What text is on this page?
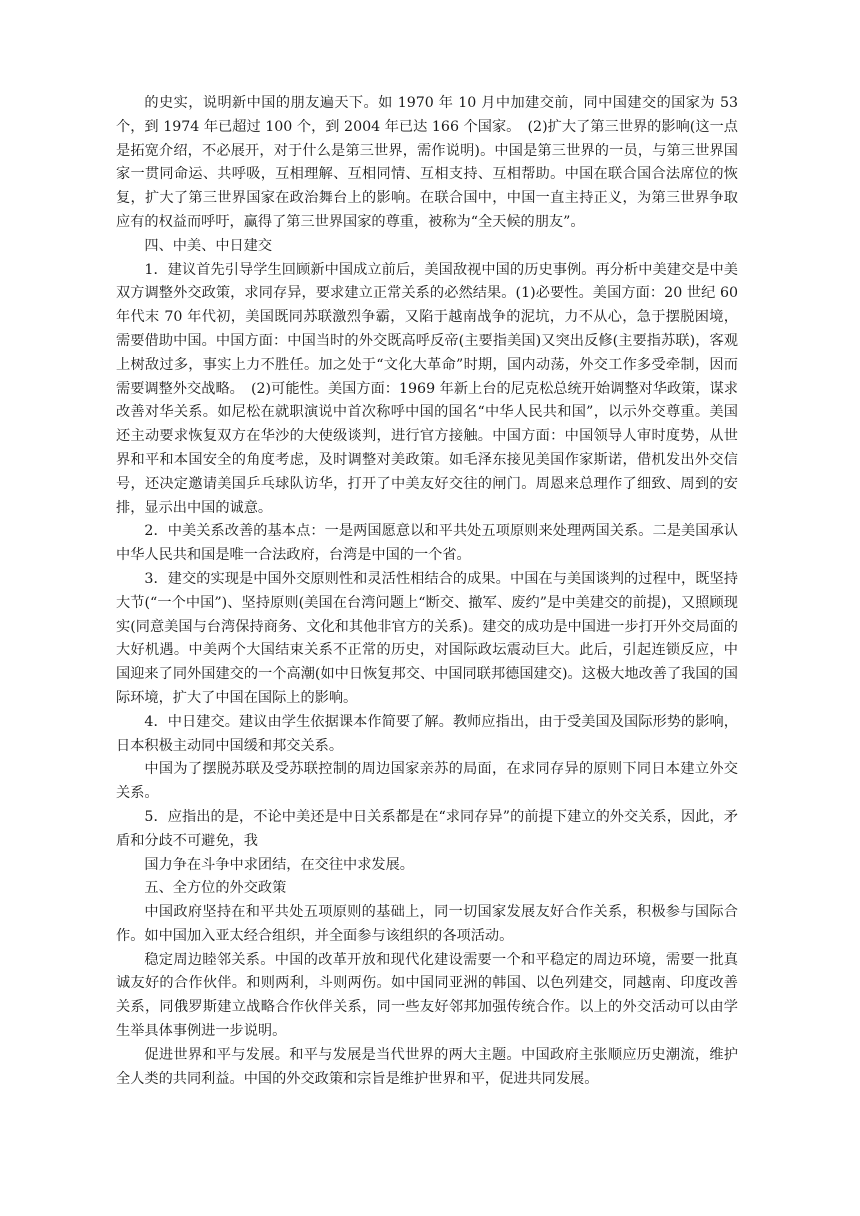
的史实，说明新中国的朋友遍天下。如 1970 年 10 月中加建交前，同中国建交的国家为 53 个，到 1974 年已超过 100 个，到 2004 年已达 166 个国家。　(2)扩大了第三世界的影响(这一点是拓宽介绍，不必展开，对于什么是第三世界，需作说明)。中国是第三世界的一员，与第三世界国家一贯同命运、共呼吸，互相理解、互相同情、互相支持、互相帮助。中国在联合国合法席位的恢复，扩大了第三世界国家在政治舞台上的影响。在联合国中，中国一直主持正义，为第三世界争取应有的权益而呼吁，赢得了第三世界国家的尊重，被称为“全天候的朋友”。

四、中美、中日建交

1．建议首先引导学生回顾新中国成立前后，美国敌视中国的历史事例。再分析中美建交是中美双方调整外交政策，求同存异，要求建立正常关系的必然结果。(1)必要性。美国方面：20 世纪 60 年代末 70 年代初，美国既同苏联激烈争霸，又陷于越南战争的泥坑，力不从心，急于摆脱困境，需要借助中国。中国方面：中国当时的外交既高呼反帝(主要指美国)又突出反修(主要指苏联)，客观上树敌过多，事实上力不胜任。加之处于“文化大革命”时期，国内动荡，外交工作多受牵制，因而需要调整外交战略。　(2)可能性。美国方面：1969 年新上台的尼克松总统开始调整对华政策，谋求改善对华关系。如尼松在就职演说中首次称呼中国的国名“中华人民共和国”，以示外交尊重。美国还主动要求恢复双方在华沙的大使级谈判，进行官方接触。中国方面：中国领导人审时度势，从世界和平和本国安全的角度考虑，及时调整对美政策。如毛泽东接见美国作家斯诺，借机发出外交信号，还决定邀请美国乒乓球队访华，打开了中美友好交往的闸门。周恩来总理作了细致、周到的安排，显示出中国的诚意。

2．中美关系改善的基本点：一是两国愿意以和平共处五项原则来处理两国关系。二是美国承认中华人民共和国是唯一合法政府，台湾是中国的一个省。

3．建交的实现是中国外交原则性和灵活性相结合的成果。中国在与美国谈判的过程中，既坚持大节(“一个中国”)、坚持原则(美国在台湾问题上“断交、撤军、废约”是中美建交的前提)，又照顾现实(同意美国与台湾保持商务、文化和其他非官方的关系)。建交的成功是中国进一步打开外交局面的大好机遇。中美两个大国结束关系不正常的历史，对国际政坛震动巨大。此后，引起连锁反应，中国迎来了同外国建交的一个高潮(如中日恢复邦交、中国同联邦德国建交)。这极大地改善了我国的国际环境，扩大了中国在国际上的影响。

4．中日建交。建议由学生依据课本作简要了解。教师应指出，由于受美国及国际形势的影响，日本积极主动同中国缓和邦交关系。

中国为了摆脱苏联及受苏联控制的周边国家亲苏的局面，在求同存异的原则下同日本建立外交关系。

5．应指出的是，不论中美还是中日关系都是在“求同存异”的前提下建立的外交关系，因此，矛盾和分歧不可避免，我

国力争在斗争中求团结，在交往中求发展。

五、全方位的外交政策

中国政府坚持在和平共处五项原则的基础上，同一切国家发展友好合作关系，积极参与国际合作。如中国加入亚太经合组织，并全面参与该组织的各项活动。

稳定周边睦邻关系。中国的改革开放和现代化建设需要一个和平稳定的周边环境，需要一批真诚友好的合作伙伴。和则两利，斗则两伤。如中国同亚洲的韩国、以色列建交，同越南、印度改善关系，同俄罗斯建立战略合作伙伴关系，同一些友好邻邦加强传统合作。以上的外交活动可以由学生举具体事例进一步说明。

促进世界和平与发展。和平与发展是当代世界的两大主题。中国政府主张顺应历史潮流，维护全人类的共同利益。中国的外交政策和宗旨是维护世界和平，促进共同发展。
